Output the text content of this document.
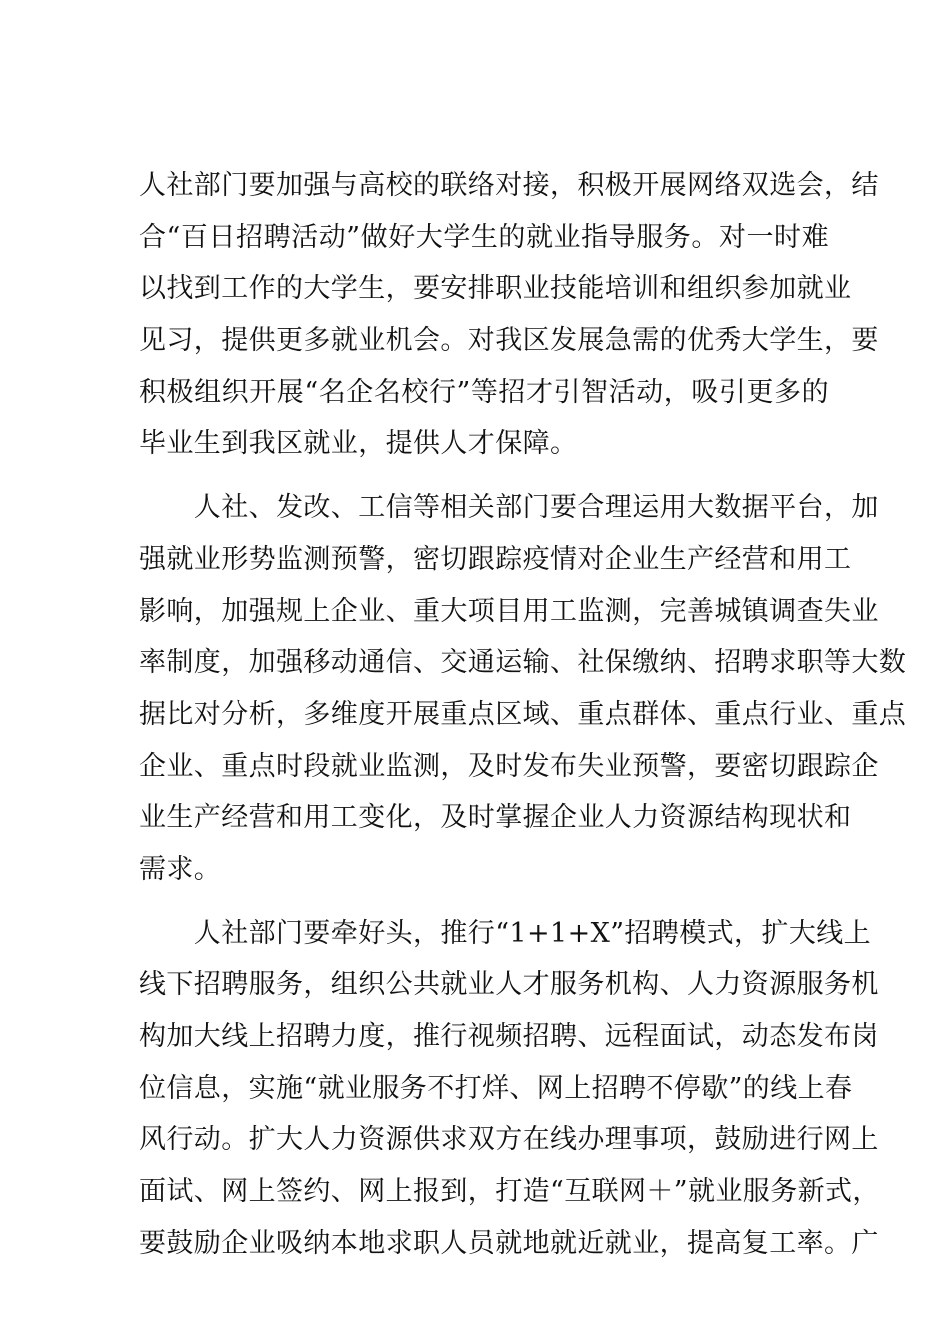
人社部门要加强与高校的联络对接，积极开展网络双选会，结
合“百日招聘活动”做好大学生的就业指导服务。对一时难
以找到工作的大学生，要安排职业技能培训和组织参加就业
见习，提供更多就业机会。对我区发展急需的优秀大学生，要
积极组织开展“名企名校行”等招才引智活动，吸引更多的
毕业生到我区就业，提供人才保障。
　　人社、发改、工信等相关部门要合理运用大数据平台，加
强就业形势监测预警，密切跟踪疫情对企业生产经营和用工
影响，加强规上企业、重大项目用工监测，完善城镇调查失业
率制度，加强移动通信、交通运输、社保缴纳、招聘求职等大数
据比对分析，多维度开展重点区域、重点群体、重点行业、重点
企业、重点时段就业监测，及时发布失业预警，要密切跟踪企
业生产经营和用工变化，及时掌握企业人力资源结构现状和
需求。
　　人社部门要牵好头，推行“1+1+X”招聘模式，扩大线上
线下招聘服务，组织公共就业人才服务机构、人力资源服务机
构加大线上招聘力度，推行视频招聘、远程面试，动态发布岗
位信息，实施“就业服务不打烊、网上招聘不停歇”的线上春
风行动。扩大人力资源供求双方在线办理事项，鼓励进行网上
面试、网上签约、网上报到，打造“互联网＋”就业服务新式，
要鼓励企业吸纳本地求职人员就地就近就业，提高复工率。广
